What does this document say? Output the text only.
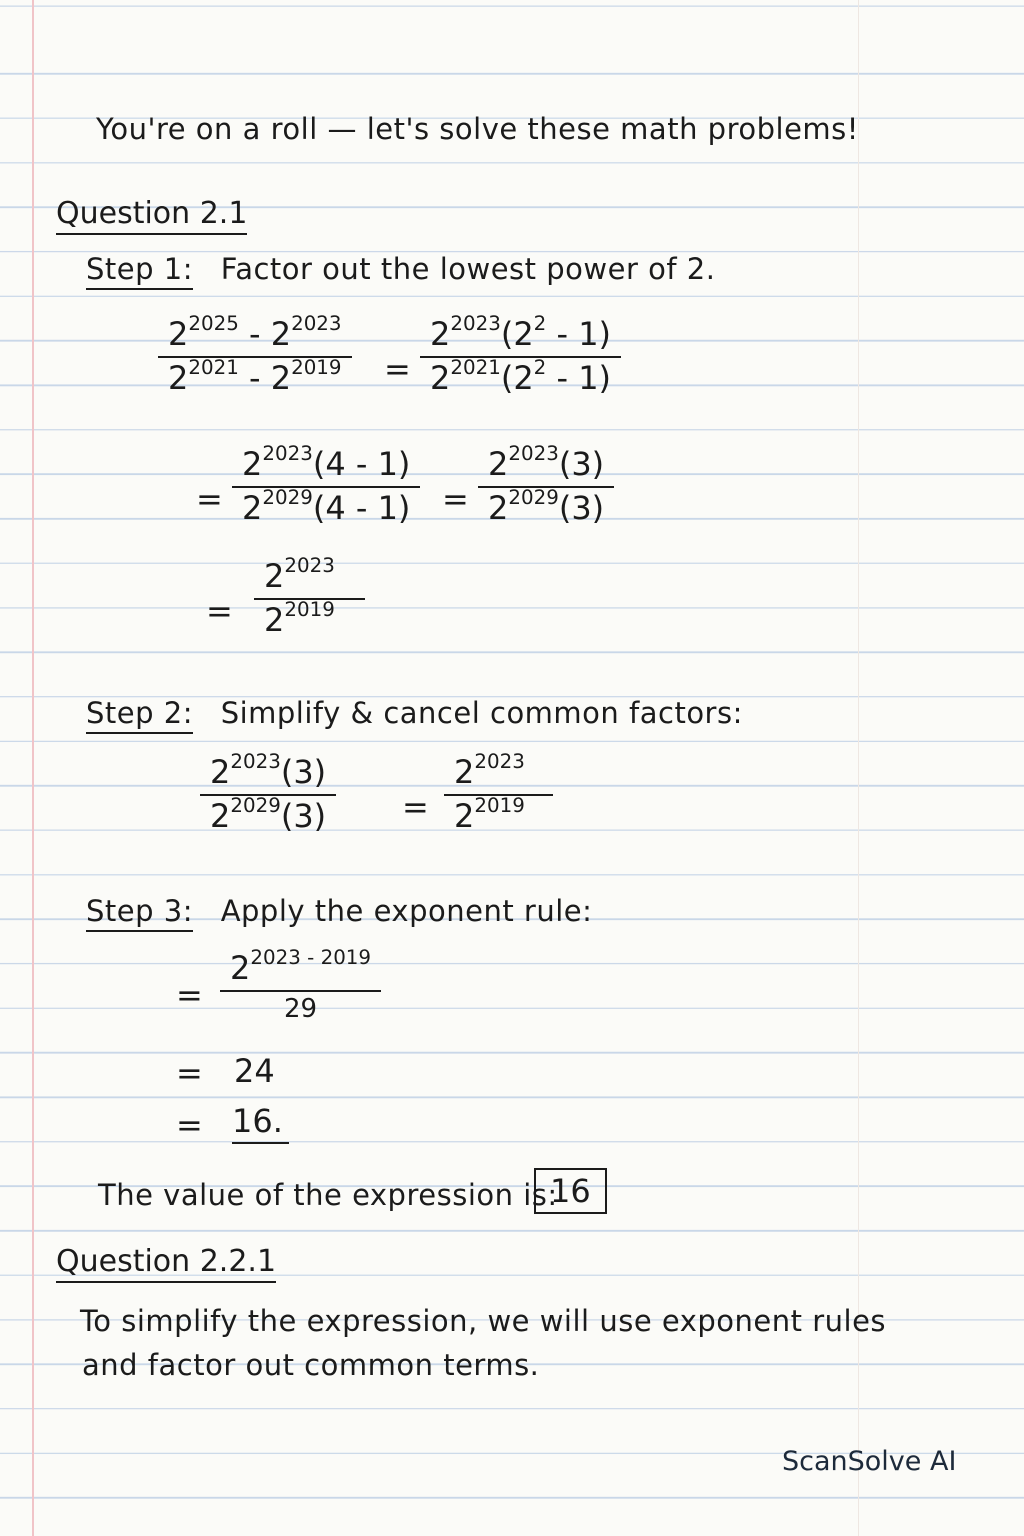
You're on a roll — let's solve these math problems!
Question 2.1
Step 1: Factor out the lowest power of 2.
$\frac{2^{2025} - 2^{2023}}{2^{2021} - 2^{2019}} = \frac{2^{2023}(2^2 - 1)}{2^{2021}(2^2 - 1)}$
= $\frac{2^{2023}(4 - 1)}{2^{2029}(4 - 1)} = \frac{2^{2023}(3)}{2^{2029}(3)}$
= $\frac{2^{2023}}{2^{2019}}$
Step 2: Simplify & cancel common factors:
$\frac{2^{2023}(3)}{2^{2029}(3)} = \frac{2^{2023}}{2^{2019}}$
Step 3: Apply the exponent rule:
=
$2^{2023 - 2019}$
29
= 24
= 16.
The value of the expression is:
16
Question 2.2.1
To simplify the expression, we will use exponent rules
and factor out common terms.
ScanSolve AI
